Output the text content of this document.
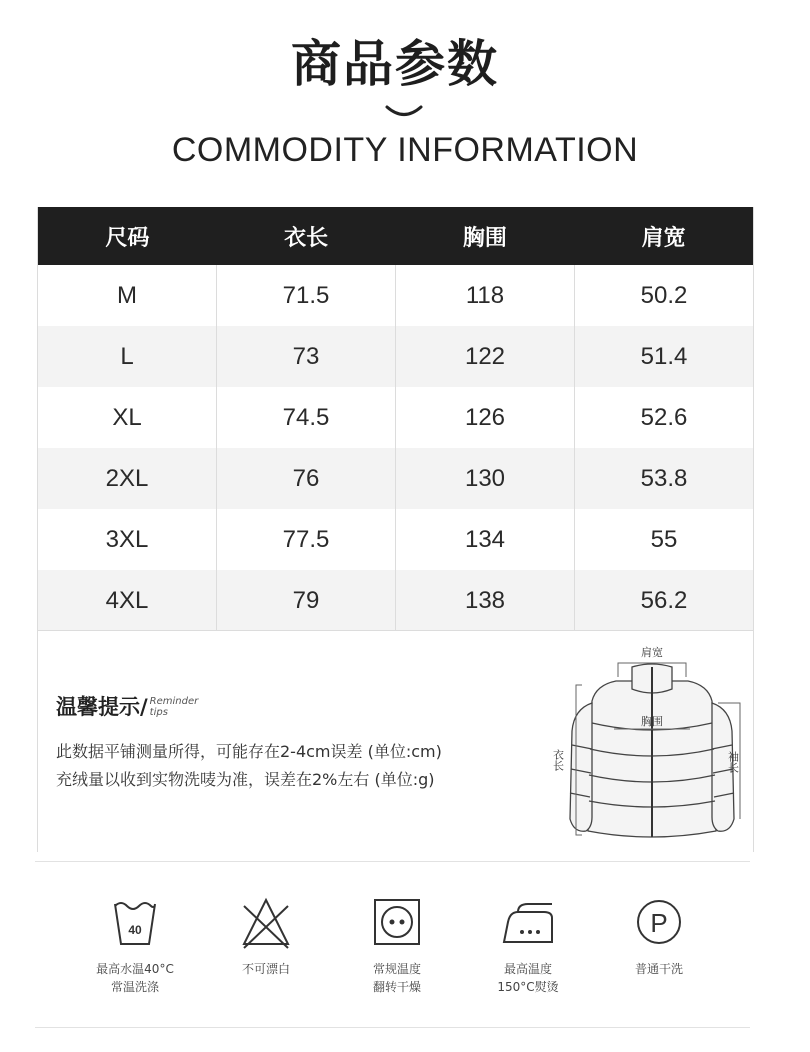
商品参数
COMMODITY INFORMATION
尺码	衣长	胸围	肩宽
M	71.5	118	50.2
L	73	122	51.4
XL	74.5	126	52.6
2XL	76	130	53.8
3XL	77.5	134	55
4XL	79	138	56.2
温馨提示/ Reminder
tips
此数据平铺测量所得，可能存在2-4cm误差 (单位:cm)
充绒量以收到实物洗唛为准，误差在2%左右 (单位:g)
肩宽
胸围
衣长	袖长
40
最高水温40°C
常温洗涤
不可漂白	常规温度
翻转干燥
最高温度
150°C熨烫
P
普通干洗
